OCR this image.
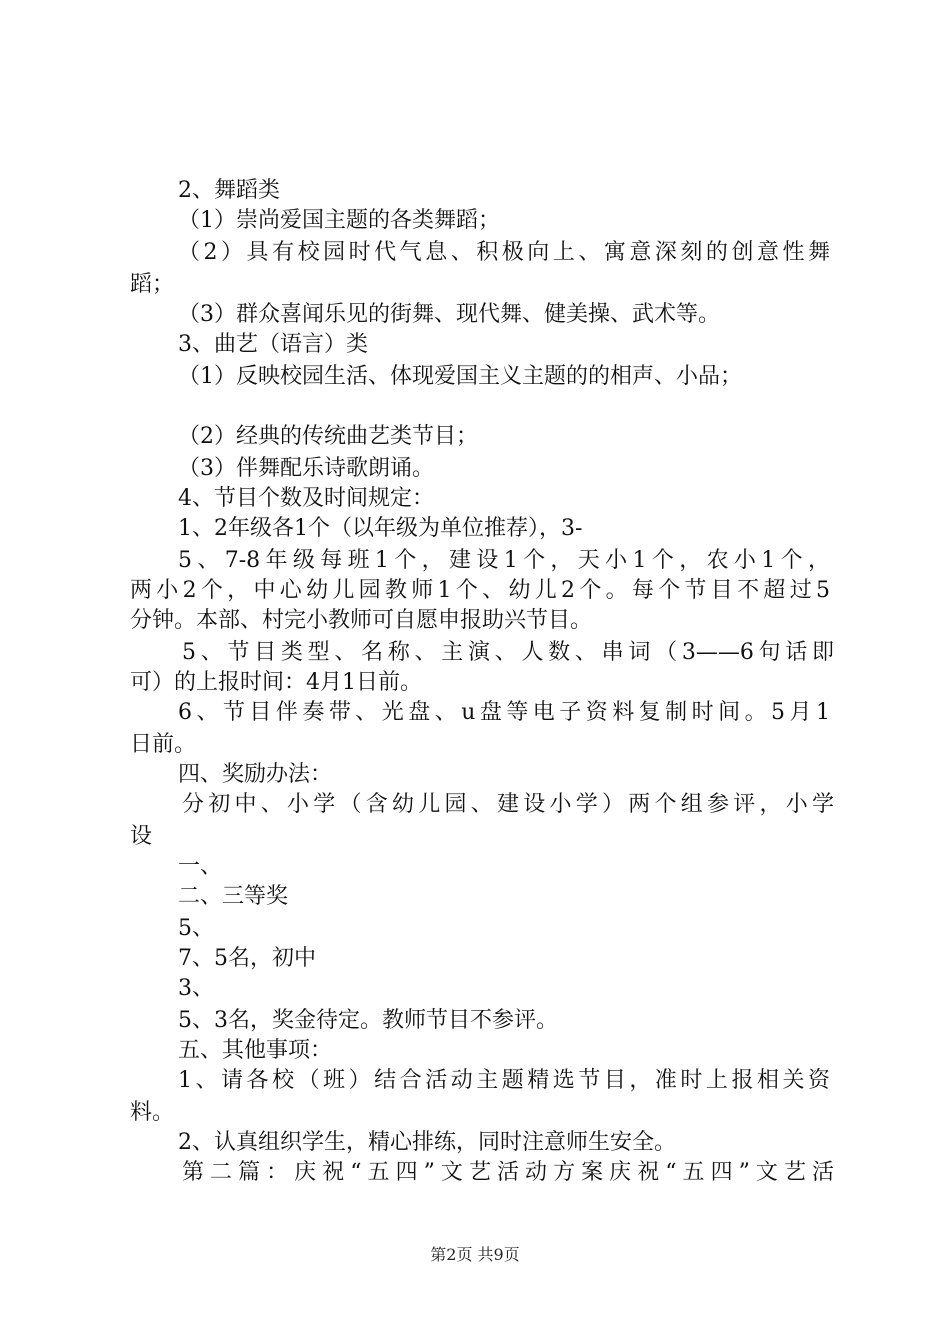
2、舞蹈类
（1）崇尚爱国主题的各类舞蹈；
（2）具有校园时代气息、积极向上、寓意深刻的创意性舞
蹈；
（3）群众喜闻乐见的街舞、现代舞、健美操、武术等。
3、曲艺（语言）类
（1）反映校园生活、体现爱国主义主题的的相声、小品；
（2）经典的传统曲艺类节目；
（3）伴舞配乐诗歌朗诵。
4、节目个数及时间规定：
1、2年级各1个（以年级为单位推荐），3-
5、7-8年级每班1个，建设1个，天小1个，农小1个，
两小2个，中心幼儿园教师1个、幼儿2个。每个节目不超过5
分钟。本部、村完小教师可自愿申报助兴节目。
5、节目类型、名称、主演、人数、串词（3——6句话即
可）的上报时间：4月1日前。
6、节目伴奏带、光盘、u盘等电子资料复制时间。5月1
日前。
四、奖励办法：
分初中、小学（含幼儿园、建设小学）两个组参评，小学
设
一、
二、三等奖
5、
7、5名，初中
3、
5、3名，奖金待定。教师节目不参评。
五、其他事项：
1、请各校（班）结合活动主题精选节目，准时上报相关资
料。
2、认真组织学生，精心排练，同时注意师生安全。
第二篇：庆祝“五四”文艺活动方案庆祝“五四”文艺活
第2页 共9页
